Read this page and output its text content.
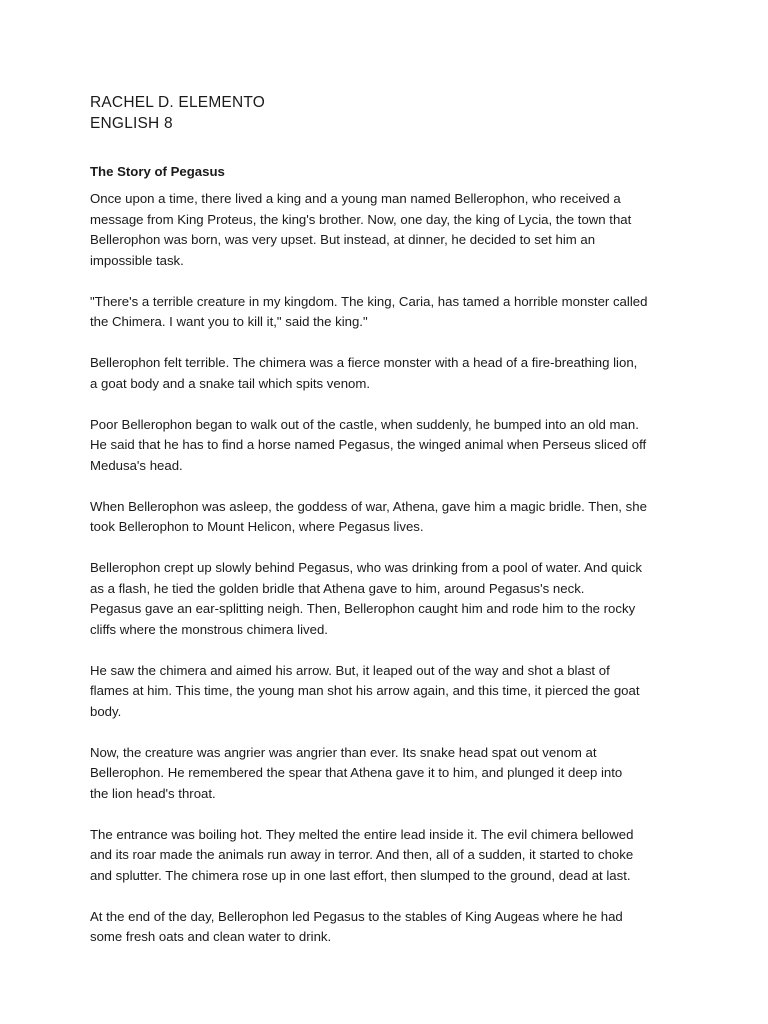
RACHEL D. ELEMENTO
ENGLISH 8
The Story of Pegasus
Once upon a time, there lived a king and a young man named Bellerophon, who received a
message from King Proteus, the king's brother. Now, one day, the king of Lycia, the town that
Bellerophon was born, was very upset. But instead, at dinner, he decided to set him an
impossible task.
"There's a terrible creature in my kingdom. The king, Caria, has tamed a horrible monster called
the Chimera. I want you to kill it," said the king."
Bellerophon felt terrible. The chimera was a fierce monster with a head of a fire-breathing lion,
a goat body and a snake tail which spits venom.
Poor Bellerophon began to walk out of the castle, when suddenly, he bumped into an old man.
He said that he has to find a horse named Pegasus, the winged animal when Perseus sliced off
Medusa's head.
When Bellerophon was asleep, the goddess of war, Athena, gave him a magic bridle. Then, she
took Bellerophon to Mount Helicon, where Pegasus lives.
Bellerophon crept up slowly behind Pegasus, who was drinking from a pool of water. And quick
as a flash, he tied the golden bridle that Athena gave to him, around Pegasus's neck.
Pegasus gave an ear-splitting neigh. Then, Bellerophon caught him and rode him to the rocky
cliffs where the monstrous chimera lived.
He saw the chimera and aimed his arrow. But, it leaped out of the way and shot a blast of
flames at him. This time, the young man shot his arrow again, and this time, it pierced the goat
body.
Now, the creature was angrier was angrier than ever. Its snake head spat out venom at
Bellerophon. He remembered the spear that Athena gave it to him, and plunged it deep into
the lion head's throat.
The entrance was boiling hot. They melted the entire lead inside it. The evil chimera bellowed
and its roar made the animals run away in terror. And then, all of a sudden, it started to choke
and splutter. The chimera rose up in one last effort, then slumped to the ground, dead at last.
At the end of the day, Bellerophon led Pegasus to the stables of King Augeas where he had
some fresh oats and clean water to drink.
